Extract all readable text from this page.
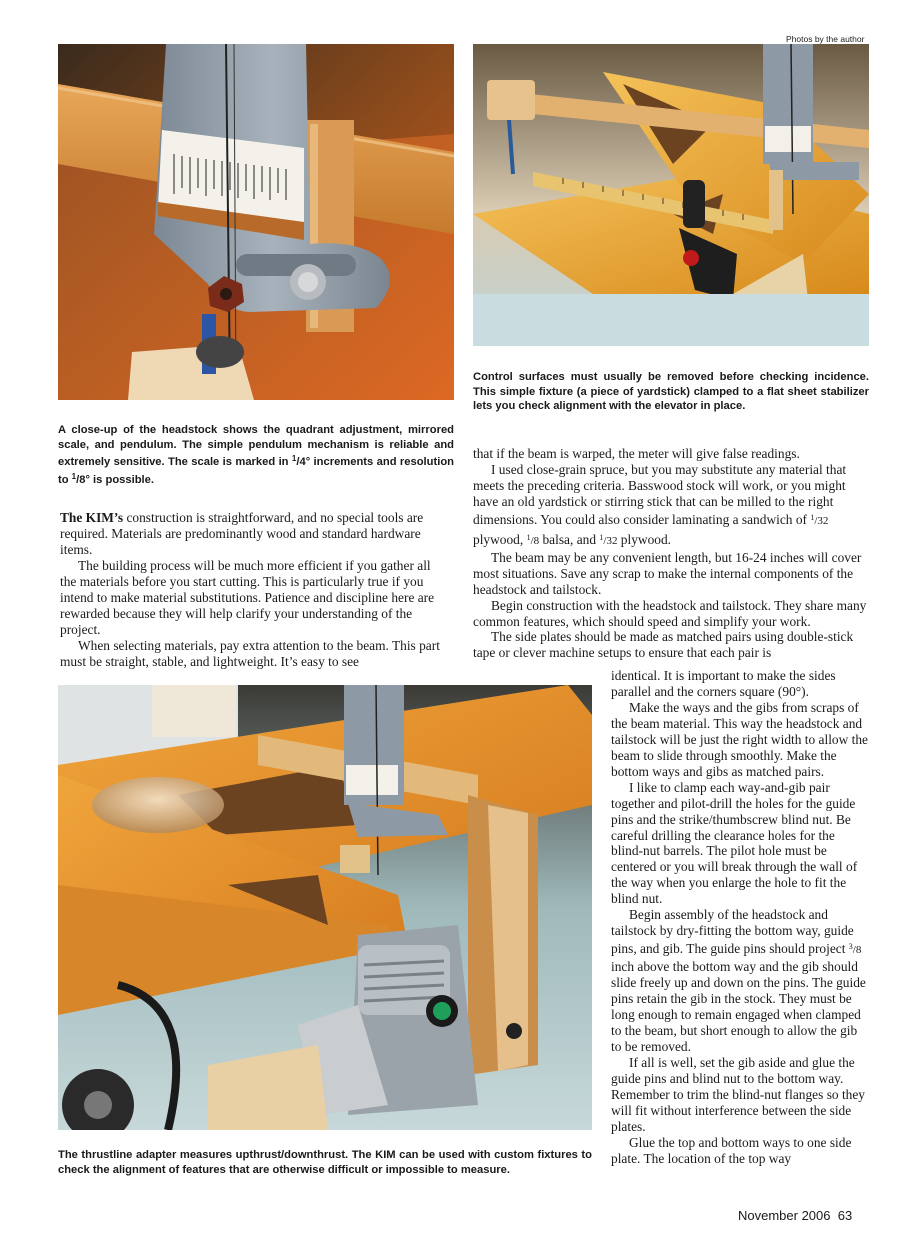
Photos by the author
Control surfaces must usually be removed before checking incidence. This simple fixture (a piece of yardstick) clamped to a flat sheet stabilizer lets you check alignment with the elevator in place.
A close-up of the headstock shows the quadrant adjustment, mirrored scale, and pendulum. The simple pendulum mechanism is reliable and extremely sensitive. The scale is marked in $^1$/4° increments and resolution to $^1$/8° is possible.

The KIM’s construction is straightforward, and no special tools are required. Materials are predominantly wood and standard hardware items.

The building process will be much more efficient if you gather all the materials before you start cutting. This is particularly true if you intend to make material substitutions. Patience and discipline here are rewarded because they will help clarify your understanding of the project.

When selecting materials, pay extra attention to the beam. This part must be straight, stable, and lightweight. It’s easy to see

that if the beam is warped, the meter will give false readings.

I used close-grain spruce, but you may substitute any material that meets the preceding criteria. Basswood stock will work, or you might have an old yardstick or stirring stick that can be milled to the right dimensions. You could also consider laminating a sandwich of $^1$/32 plywood, $^1$/8 balsa, and $^1$/32 plywood.

The beam may be any convenient length, but 16-24 inches will cover most situations. Save any scrap to make the internal components of the headstock and tailstock.

Begin construction with the headstock and tailstock. They share many common features, which should speed and simplify your work.

The side plates should be made as matched pairs using double-stick tape or clever machine setups to ensure that each pair is

identical. It is important to make the sides parallel and the corners square (90°).

Make the ways and the gibs from scraps of the beam material. This way the headstock and tailstock will be just the right width to allow the beam to slide through smoothly. Make the bottom ways and gibs as matched pairs.

I like to clamp each way-and-gib pair together and pilot-drill the holes for the guide pins and the strike/thumbscrew blind nut. Be careful drilling the clearance holes for the blind-nut barrels. The pilot hole must be centered or you will break through the wall of the way when you enlarge the hole to fit the blind nut.

Begin assembly of the headstock and tailstock by dry-fitting the bottom way, guide pins, and gib. The guide pins should project $^3$/8 inch above the bottom way and the gib should slide freely up and down on the pins. The guide pins retain the gib in the stock. They must be long enough to remain engaged when clamped to the beam, but short enough to allow the gib to be removed.

If all is well, set the gib aside and glue the guide pins and blind nut to the bottom way. Remember to trim the blind-nut flanges so they will fit without interference between the side plates.

Glue the top and bottom ways to one side plate. The location of the top way

The thrustline adapter measures upthrust/downthrust. The KIM can be used with custom fixtures to check the alignment of features that are otherwise difficult or impossible to measure.
November 2006 63
